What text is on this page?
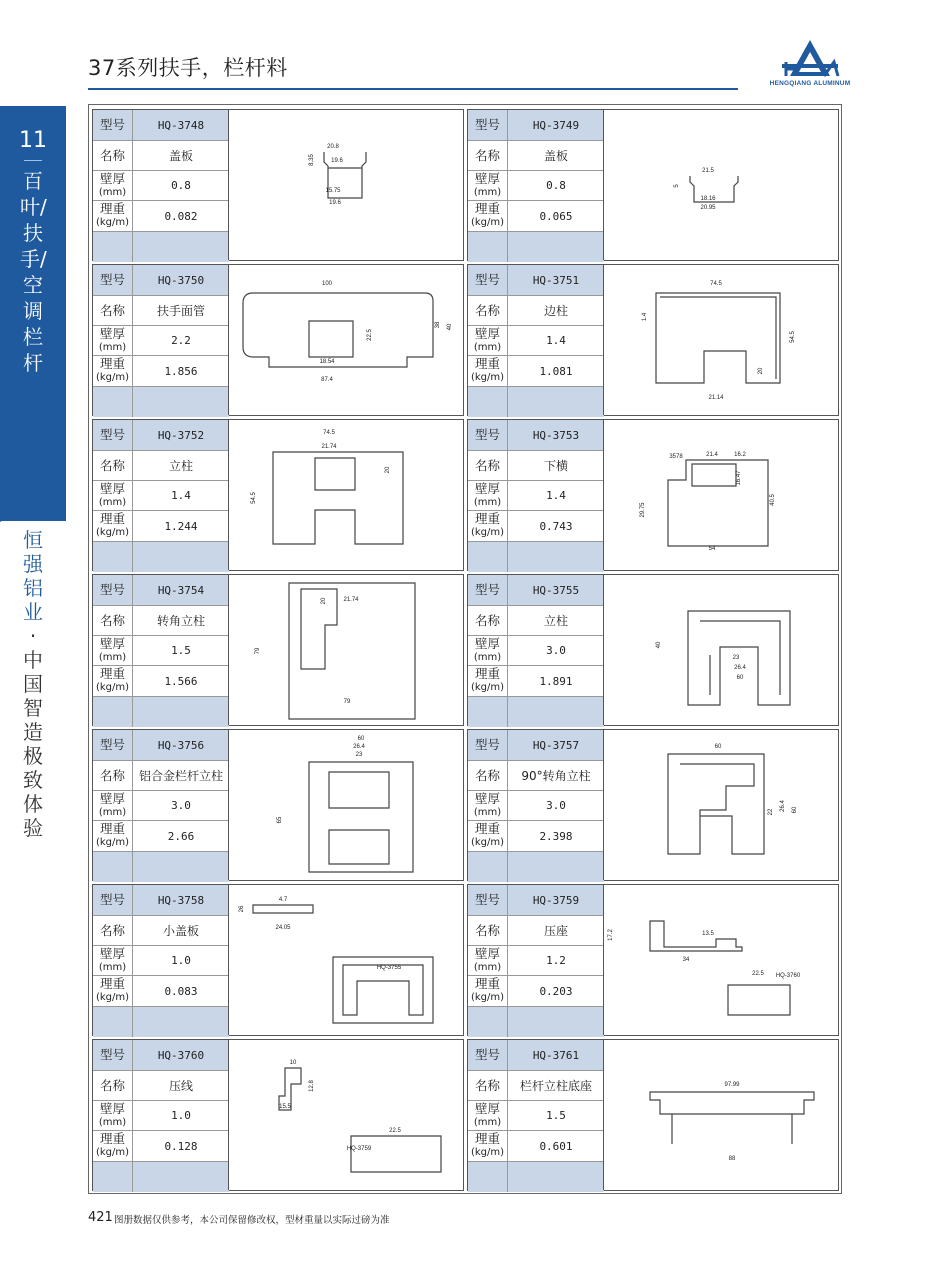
37系列扶手，栏杆料
HENGQIANG ALUMINUM
11
百叶/扶手/空调栏杆
恒强铝业·中国智造 极致体验
型号	HQ-3748
名称	盖板
壁厚
(mm)	0.8
理重
(kg/m)	0.082
20.8
8.35	19.6
15.75
19.6
型号	HQ-3749
名称	盖板
壁厚
(mm)	0.8
理重
(kg/m)	0.065
21.5
5
18.16
20.95
型号	HQ-3750
名称	扶手面管
壁厚
(mm)	2.2
理重
(kg/m)	1.856
100
38 40
22.5
18.54
87.4
型号	HQ-3751
名称	边柱
壁厚
(mm)	1.4
理重
(kg/m)	1.081
74.5
1.4
54.5
20
21.14
型号	HQ-3752
名称	立柱
壁厚
(mm)	1.4
理重
(kg/m)	1.244
74.5
21.74
20
54.5
型号	HQ-3753
名称	下横
壁厚
(mm)	1.4
理重
(kg/m)	0.743
3578	21.4	16.2
16.47
40.5
29.75
54
型号	HQ-3754
名称	转角立柱
壁厚
(mm)	1.5
理重
(kg/m)	1.566
20	21.74
79
79
型号	HQ-3755
名称	立柱
壁厚
(mm)	3.0
理重
(kg/m)	1.891
40
23
26.4
60
型号	HQ-3756
名称	铝合金栏杆立柱
壁厚
(mm)	3.0
理重
(kg/m)	2.66
60
26.4
23
65
型号	HQ-3757
名称	90°转角立柱
壁厚
(mm)	3.0
理重
(kg/m)	2.398
60
22
26.4 60
型号	HQ-3758
名称	小盖板
壁厚
(mm)	1.0
理重
(kg/m)	0.083
4.7
26
24.05
HQ-3755
型号	HQ-3759
名称	压座
壁厚
(mm)	1.2
理重
(kg/m)	0.203
17.2	13.5
34
22.5 HQ-3760
型号	HQ-3760
名称	压线
壁厚
(mm)	1.0
理重
(kg/m)	0.128
10
12.8
15.5
22.5
HQ-3759
型号	HQ-3761
名称	栏杆立柱底座
壁厚
(mm)	1.5
理重
(kg/m)	0.601
97.99
88
421 图册数据仅供参考，本公司保留修改权，型材重量以实际过磅为准
